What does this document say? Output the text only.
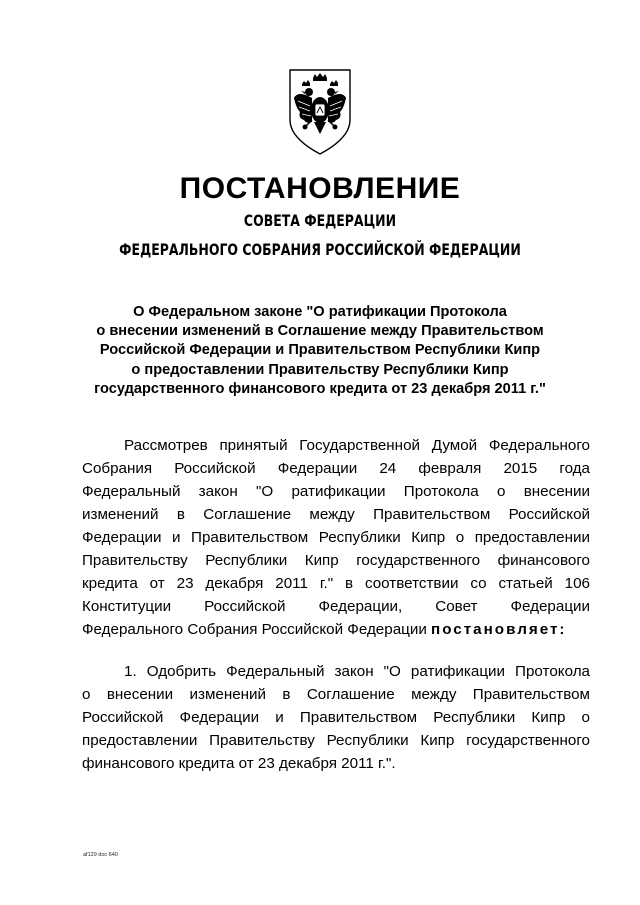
ПОСТАНОВЛЕНИЕ

СОВЕТА ФЕДЕРАЦИИ

ФЕДЕРАЛЬНОГО СОБРАНИЯ РОССИЙСКОЙ ФЕДЕРАЦИИ

О Федеральном законе "О ратификации Протокола
о внесении изменений в Соглашение между Правительством
Российской Федерации и Правительством Республики Кипр
о предоставлении Правительству Республики Кипр
государственного финансового кредита от 23 декабря 2011 г."

Рассмотрев принятый Государственной Думой Федерального

Собрания Российской Федерации 24 февраля 2015 года

Федеральный закон "О ратификации Протокола о внесении

изменений в Соглашение между Правительством Российской

Федерации и Правительством Республики Кипр о предоставлении

Правительству Республики Кипр государственного финансового

кредита от 23 декабря 2011 г." в соответствии со статьей 106

Конституции Российской Федерации, Совет Федерации

Федерального Собрания Российской Федерации постановляет:

1. Одобрить Федеральный закон "О ратификации Протокола

о внесении изменений в Соглашение между Правительством

Российской Федерации и Правительством Республики Кипр о

предоставлении Правительству Республики Кипр государственного

финансового кредита от 23 декабря 2011 г.".

af129 doc 640
